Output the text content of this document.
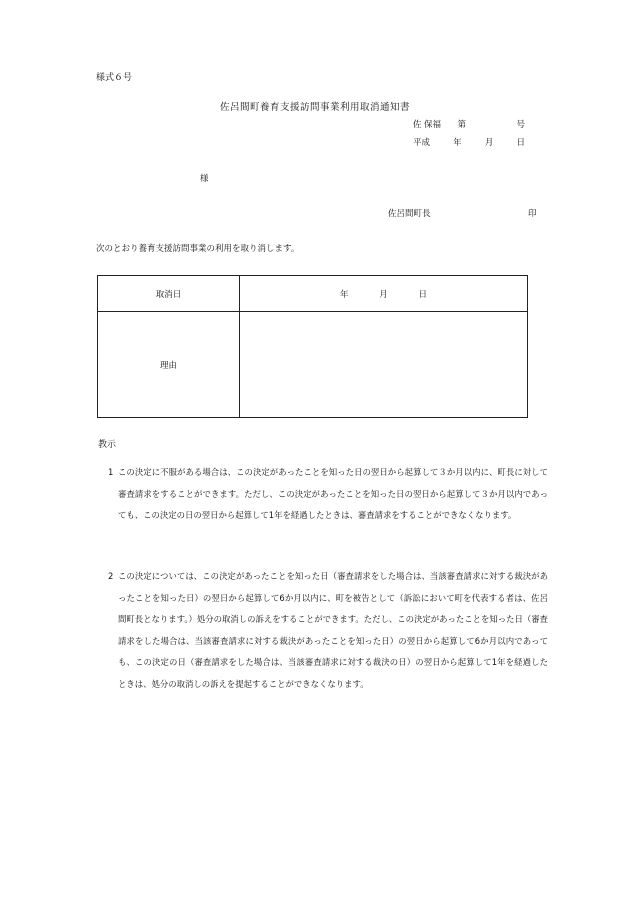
様式６号
佐呂間町養育支援訪問事業利用取消通知書
佐 保福 第	号
平成	年	月	日
様
佐呂間町長	印
次のとおり養育支援訪問事業の利用を取り消します。
取消日	年 月 日
理由	
教示
1 この決定に不服がある場合は、この決定があったことを知った日の翌日から起算して３か月以内に、町長に対して審査請求をすることができます。ただし、この決定があったことを知った日の翌日から起算して３か月以内であっても、この決定の日の翌日から起算して1年を経過したときは、審査請求をすることができなくなります。
2 この決定については、この決定があったことを知った日（審査請求をした場合は、当該審査請求に対する裁決があったことを知った日）の翌日から起算して6か月以内に、町を被告として（訴訟において町を代表する者は、佐呂間町長となります。）処分の取消しの訴えをすることができます。ただし、この決定があったことを知った日（審査請求をした場合は、当該審査請求に対する裁決があったことを知った日）の翌日から起算して6か月以内であっても、この決定の日（審査請求をした場合は、当該審査請求に対する裁決の日）の翌日から起算して1年を経過したときは、処分の取消しの訴えを提起することができなくなります。
